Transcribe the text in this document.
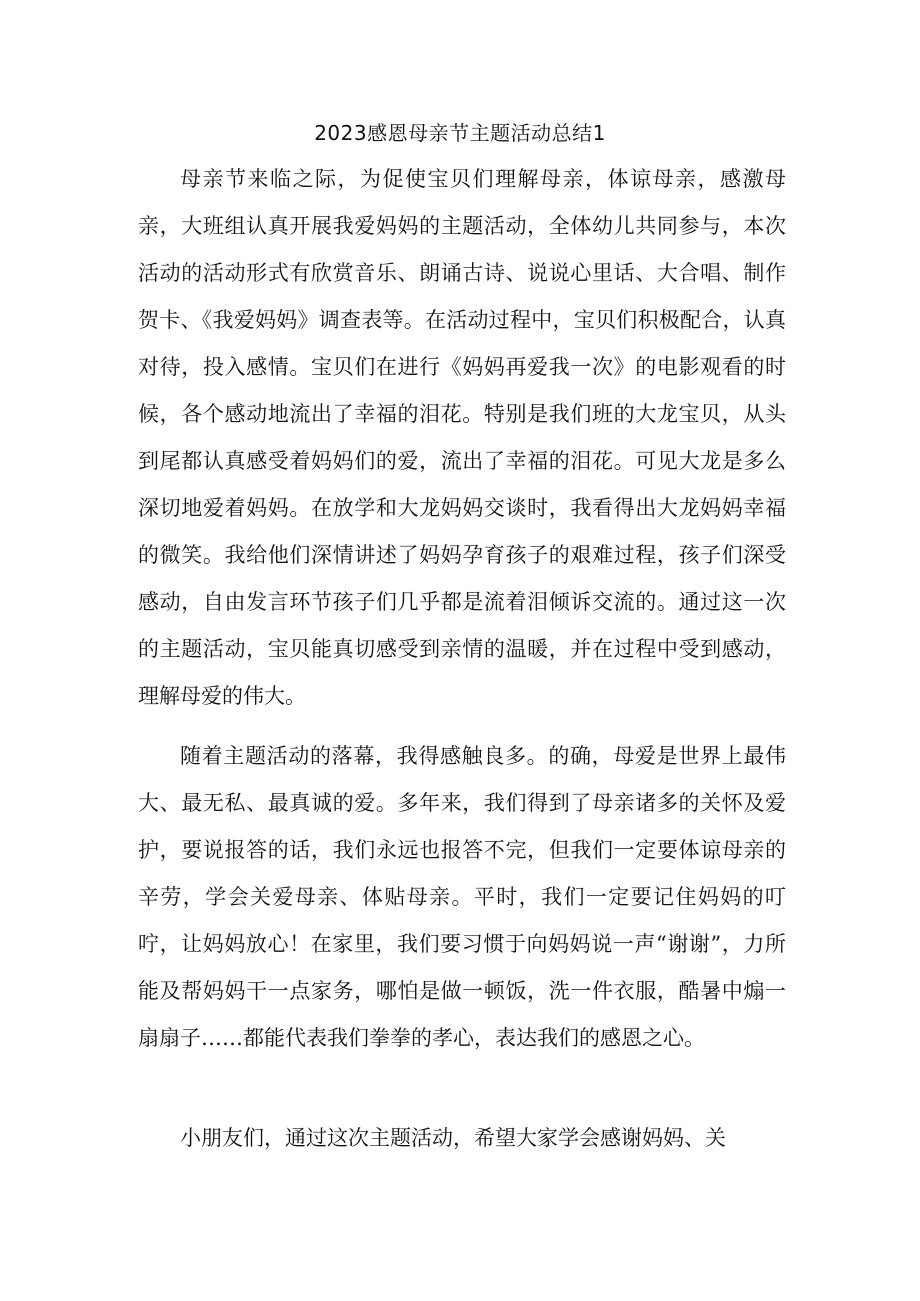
2023感恩母亲节主题活动总结1

母亲节来临之际，为促使宝贝们理解母亲，体谅母亲，感激母亲，大班组认真开展我爱妈妈的主题活动，全体幼儿共同参与，本次活动的活动形式有欣赏音乐、朗诵古诗、说说心里话、大合唱、制作贺卡、《我爱妈妈》调查表等。在活动过程中，宝贝们积极配合，认真对待，投入感情。宝贝们在进行《妈妈再爱我一次》的电影观看的时候，各个感动地流出了幸福的泪花。特别是我们班的大龙宝贝，从头到尾都认真感受着妈妈们的爱，流出了幸福的泪花。可见大龙是多么深切地爱着妈妈。在放学和大龙妈妈交谈时，我看得出大龙妈妈幸福的微笑。我给他们深情讲述了妈妈孕育孩子的艰难过程，孩子们深受感动，自由发言环节孩子们几乎都是流着泪倾诉交流的。通过这一次的主题活动，宝贝能真切感受到亲情的温暖，并在过程中受到感动，理解母爱的伟大。

随着主题活动的落幕，我得感触良多。的确，母爱是世界上最伟大、最无私、最真诚的爱。多年来，我们得到了母亲诸多的关怀及爱护，要说报答的话，我们永远也报答不完，但我们一定要体谅母亲的辛劳，学会关爱母亲、体贴母亲。平时，我们一定要记住妈妈的叮咛，让妈妈放心！在家里，我们要习惯于向妈妈说一声“谢谢”，力所能及帮妈妈干一点家务，哪怕是做一顿饭，洗一件衣服，酷暑中煽一扇扇子……都能代表我们拳拳的孝心，表达我们的感恩之心。

小朋友们，通过这次主题活动，希望大家学会感谢妈妈、关
